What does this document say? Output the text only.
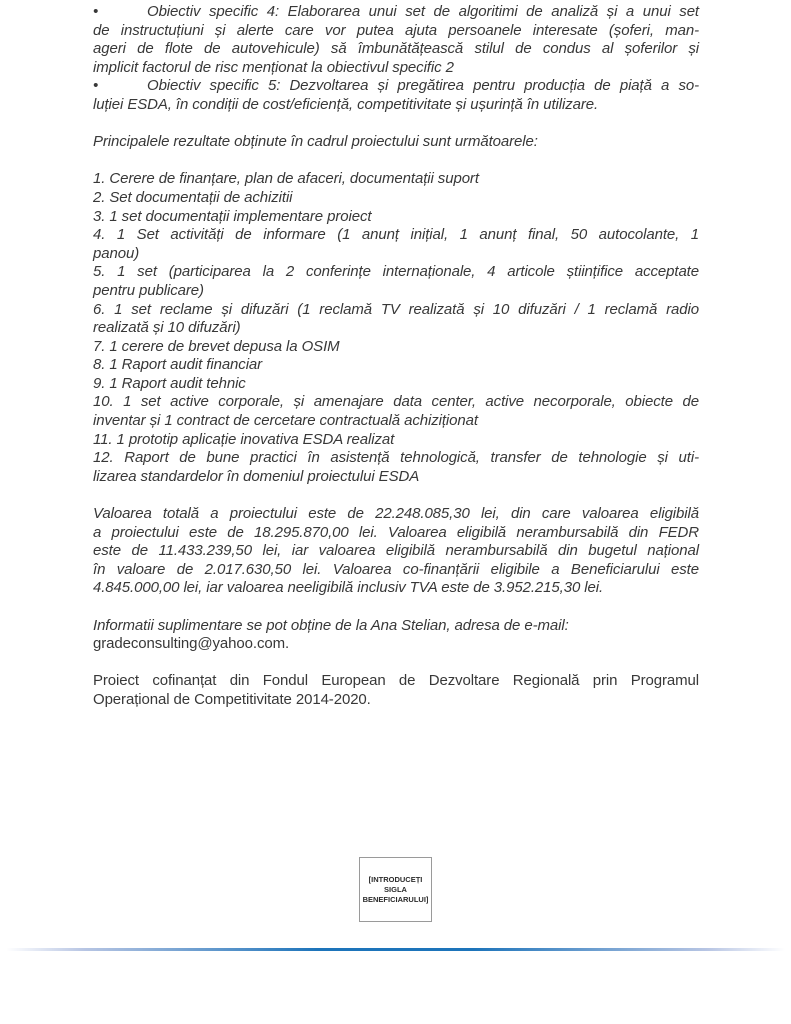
•	Obiectiv specific 4: Elaborarea unui set de algoritimi de analiză și a unui set
de instructuțiuni și alerte care vor putea ajuta persoanele interesate (șoferi, man-
ageri de flote de autovehicule) să îmbunătățească stilul de condus al șoferilor și
implicit factorul de risc menționat la obiectivul specific 2
•	Obiectiv specific 5: Dezvoltarea și pregătirea pentru producția de piață a so-
luției ESDA, în condiții de cost/eficiență, competitivitate și ușurință în utilizare.
Principalele rezultate obținute în cadrul proiectului sunt următoarele:
1. Cerere de finanțare, plan de afaceri, documentații suport
2. Set documentații de achizitii
3. 1 set documentații implementare proiect
4. 1 Set activități de informare (1 anunț inițial, 1 anunț final, 50 autocolante, 1
panou)
5. 1 set (participarea la 2 conferințe internaționale, 4 articole științifice acceptate
pentru publicare)
6. 1 set reclame și difuzări (1 reclamă TV realizată și 10 difuzări / 1 reclamă radio
realizată și 10 difuzări)
7. 1 cerere de brevet depusa la OSIM
8. 1 Raport audit financiar
9. 1 Raport audit tehnic
10. 1 set active corporale, și amenajare data center, active necorporale, obiecte de
inventar și 1 contract de cercetare contractuală achiziționat
11. 1 prototip aplicație inovativa ESDA realizat
12. Raport de bune practici în asistență tehnologică, transfer de tehnologie și uti-
lizarea standardelor în domeniul proiectului ESDA
Valoarea totală a proiectului este de 22.248.085,30 lei, din care valoarea eligibilă
a proiectului este de 18.295.870,00 lei. Valoarea eligibilă nerambursabilă din FEDR
este de 11.433.239,50 lei, iar valoarea eligibilă nerambursabilă din bugetul național
în valoare de 2.017.630,50 lei. Valoarea co-finanțării eligibile a Beneficiarului este
4.845.000,00 lei, iar valoarea neeligibilă inclusiv TVA este de 3.952.215,30 lei.
Informatii suplimentare se pot obține de la Ana Stelian, adresa de e-mail:
gradeconsulting@yahoo.com.
Proiect cofinanțat din Fondul European de Dezvoltare Regională prin Programul
Operațional de Competitivitate 2014-2020.
[INTRODUCEȚI
SIGLA
BENEFICIARULUI]
